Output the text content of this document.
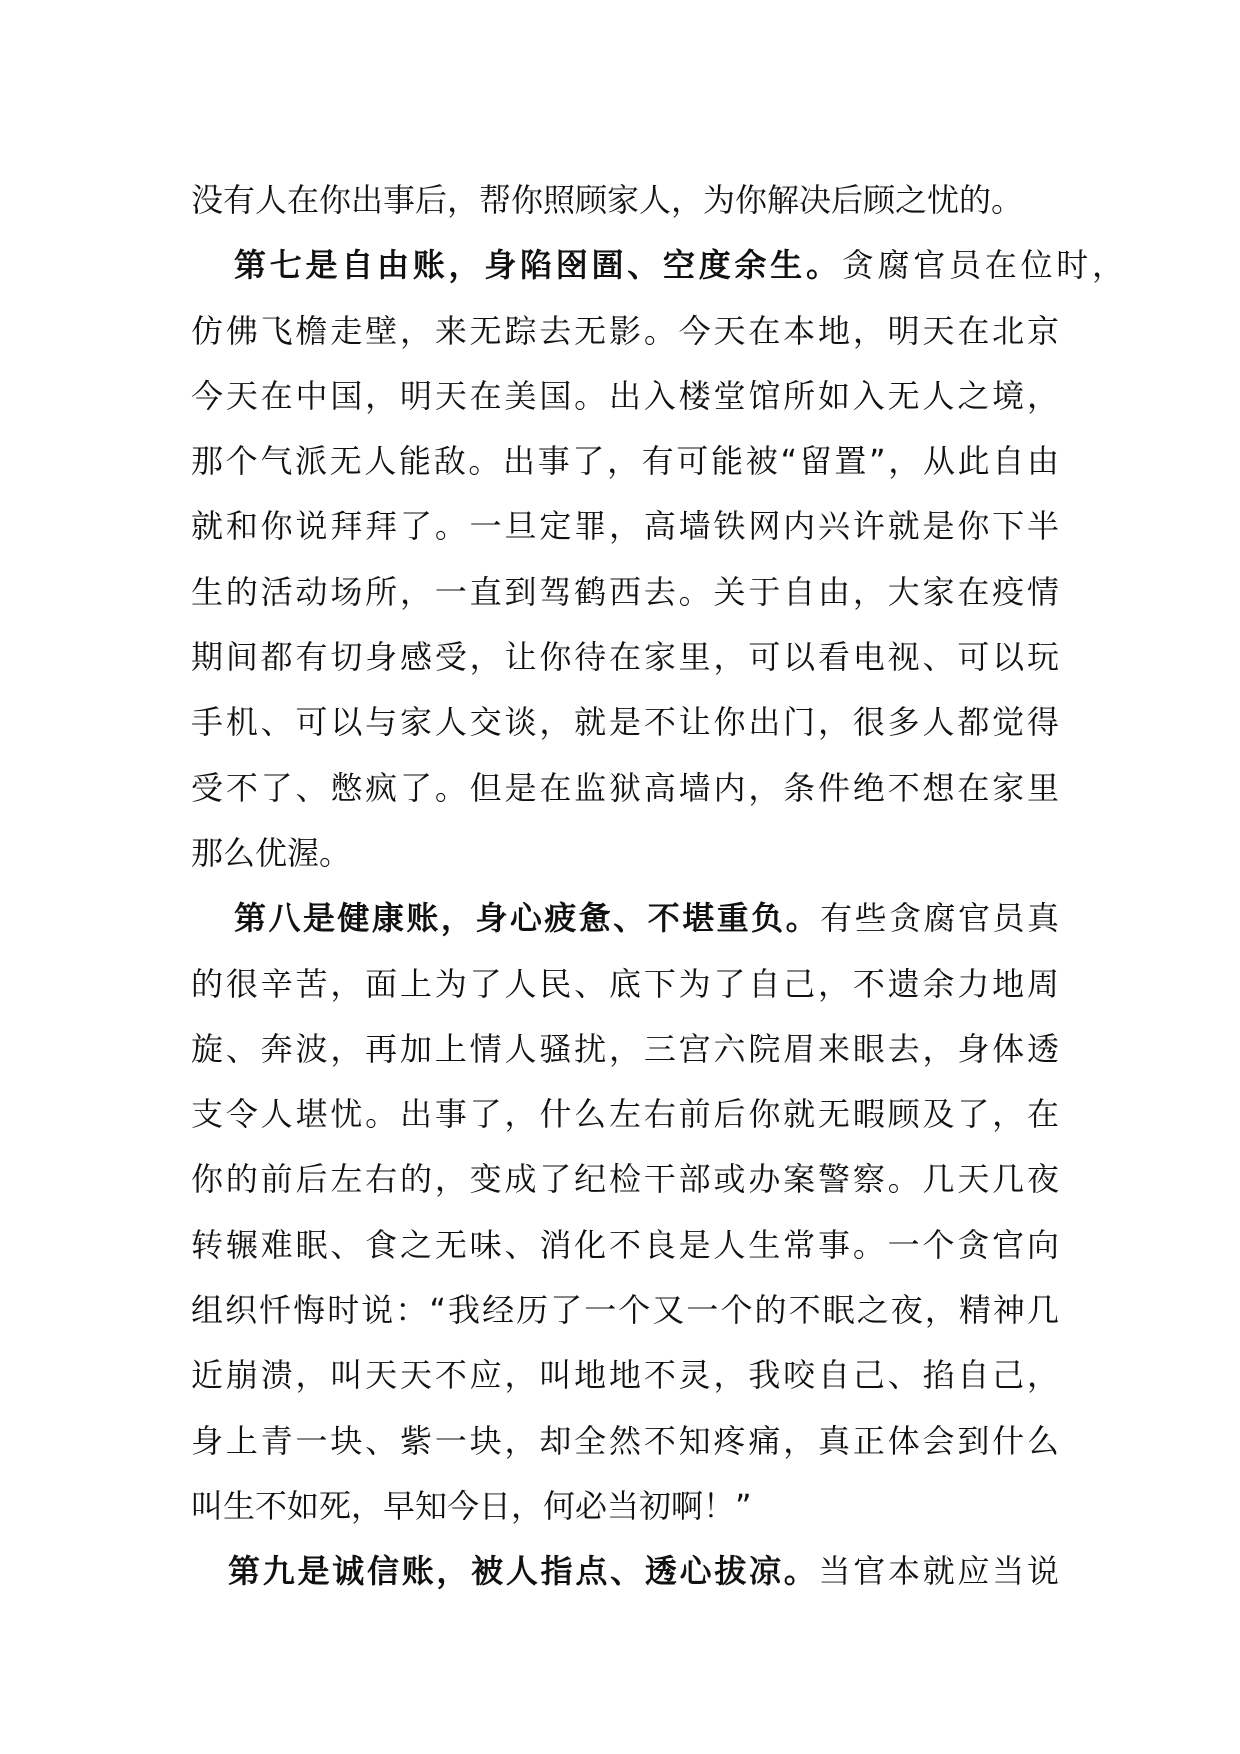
没有人在你出事后，帮你照顾家人，为你解决后顾之忧的。
第七是自由账，身陷囹圄、空度余生。贪腐官员在位时，
仿佛飞檐走壁，来无踪去无影。今天在本地，明天在北京
今天在中国，明天在美国。出入楼堂馆所如入无人之境，
那个气派无人能敌。出事了，有可能被“留置”，从此自由
就和你说拜拜了。一旦定罪，高墙铁网内兴许就是你下半
生的活动场所，一直到驾鹤西去。关于自由，大家在疫情
期间都有切身感受，让你待在家里，可以看电视、可以玩
手机、可以与家人交谈，就是不让你出门，很多人都觉得
受不了、憋疯了。但是在监狱高墙内，条件绝不想在家里
那么优渥。
第八是健康账，身心疲惫、不堪重负。有些贪腐官员真
的很辛苦，面上为了人民、底下为了自己，不遗余力地周
旋、奔波，再加上情人骚扰，三宫六院眉来眼去，身体透
支令人堪忧。出事了，什么左右前后你就无暇顾及了，在
你的前后左右的，变成了纪检干部或办案警察。几天几夜
转辗难眠、食之无味、消化不良是人生常事。一个贪官向
组织忏悔时说：“我经历了一个又一个的不眠之夜，精神几
近崩溃，叫天天不应，叫地地不灵，我咬自己、掐自己，
身上青一块、紫一块，却全然不知疼痛，真正体会到什么
叫生不如死，早知今日，何必当初啊！”
第九是诚信账，被人指点、透心拔凉。当官本就应当说
